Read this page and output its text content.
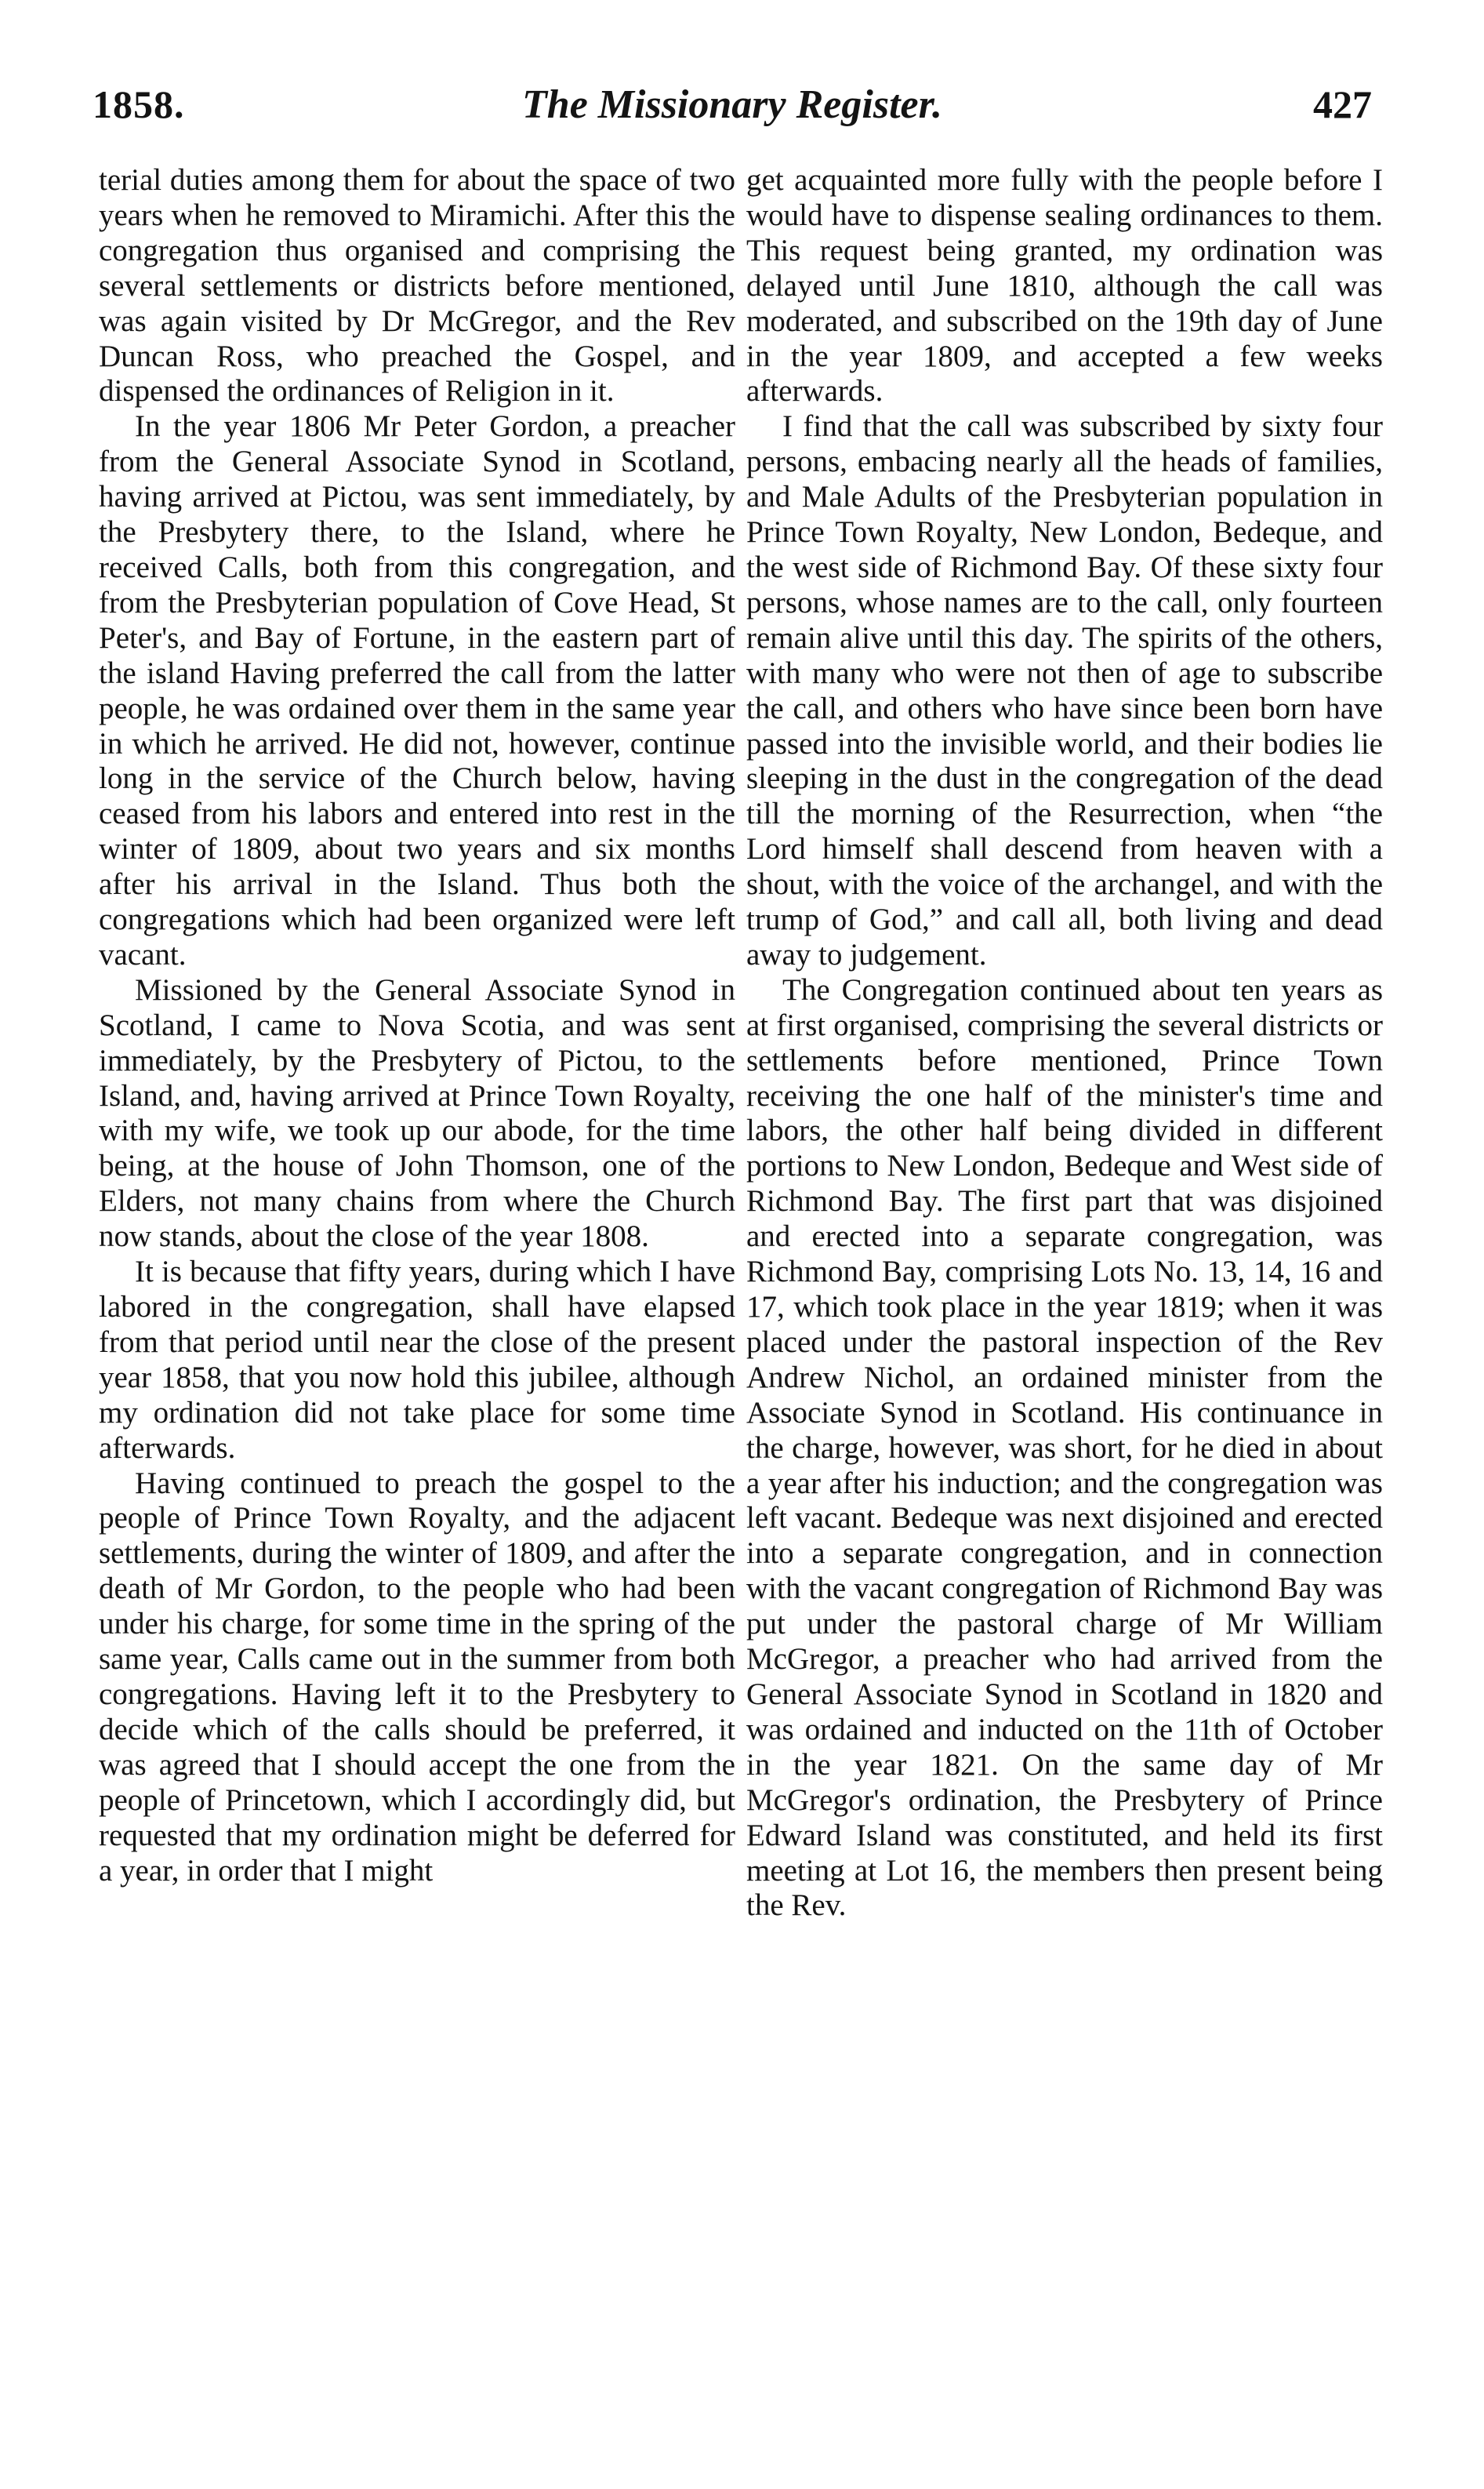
1858.	The Missionary Register.	427

terial duties among them for about the space of two years when he removed to Miramichi. After this the congregation thus organised and comprising the several settlements or districts before mentioned, was again visited by Dr McGregor, and the Rev Duncan Ross, who preached the Gospel, and dispensed the ordinances of Religion in it.

In the year 1806 Mr Peter Gordon, a preacher from the General Associate Synod in Scotland, having arrived at Pictou, was sent immediately, by the Presbytery there, to the Island, where he received Calls, both from this congregation, and from the Presbyterian population of Cove Head, St Peter's, and Bay of Fortune, in the eastern part of the island Having preferred the call from the latter people, he was ordained over them in the same year in which he arrived. He did not, however, continue long in the service of the Church below, having ceased from his labors and entered into rest in the winter of 1809, about two years and six months after his arrival in the Island. Thus both the congregations which had been organized were left vacant.

Missioned by the General Associate Synod in Scotland, I came to Nova Scotia, and was sent immediately, by the Presbytery of Pictou, to the Island, and, having arrived at Prince Town Royalty, with my wife, we took up our abode, for the time being, at the house of John Thomson, one of the Elders, not many chains from where the Church now stands, about the close of the year 1808.

It is because that fifty years, during which I have labored in the congregation, shall have elapsed from that period until near the close of the present year 1858, that you now hold this jubilee, although my ordination did not take place for some time afterwards.

Having continued to preach the gospel to the people of Prince Town Royalty, and the adjacent settlements, during the winter of 1809, and after the death of Mr Gordon, to the people who had been under his charge, for some time in the spring of the same year, Calls came out in the summer from both congregations. Having left it to the Presbytery to decide which of the calls should be preferred, it was agreed that I should accept the one from the people of Princetown, which I accordingly did, but requested that my ordination might be deferred for a year, in order that I might

get acquainted more fully with the people before I would have to dispense sealing ordinances to them. This request being granted, my ordination was delayed until June 1810, although the call was moderated, and subscribed on the 19th day of June in the year 1809, and accepted a few weeks afterwards.

I find that the call was subscribed by sixty four persons, embacing nearly all the heads of families, and Male Adults of the Presbyterian population in Prince Town Royalty, New London, Bedeque, and the west side of Richmond Bay. Of these sixty four persons, whose names are to the call, only fourteen remain alive until this day. The spirits of the others, with many who were not then of age to subscribe the call, and others who have since been born have passed into the invisible world, and their bodies lie sleeping in the dust in the congregation of the dead till the morning of the Resurrection, when “the Lord himself shall descend from heaven with a shout, with the voice of the archangel, and with the trump of God,” and call all, both living and dead away to judgement.

The Congregation continued about ten years as at first organised, comprising the several districts or settlements before mentioned, Prince Town receiving the one half of the minister's time and labors, the other half being divided in different portions to New London, Bedeque and West side of Richmond Bay. The first part that was disjoined and erected into a separate congregation, was Richmond Bay, comprising Lots No. 13, 14, 16 and 17, which took place in the year 1819; when it was placed under the pastoral inspection of the Rev Andrew Nichol, an ordained minister from the Associate Synod in Scotland. His continuance in the charge, however, was short, for he died in about a year after his induction; and the congregation was left vacant. Bedeque was next disjoined and erected into a separate congregation, and in connection with the vacant congregation of Richmond Bay was put under the pastoral charge of Mr William McGregor, a preacher who had arrived from the General Associate Synod in Scotland in 1820 and was ordained and inducted on the 11th of October in the year 1821. On the same day of Mr McGregor's ordination, the Presbytery of Prince Edward Island was constituted, and held its first meeting at Lot 16, the members then present being the Rev.
